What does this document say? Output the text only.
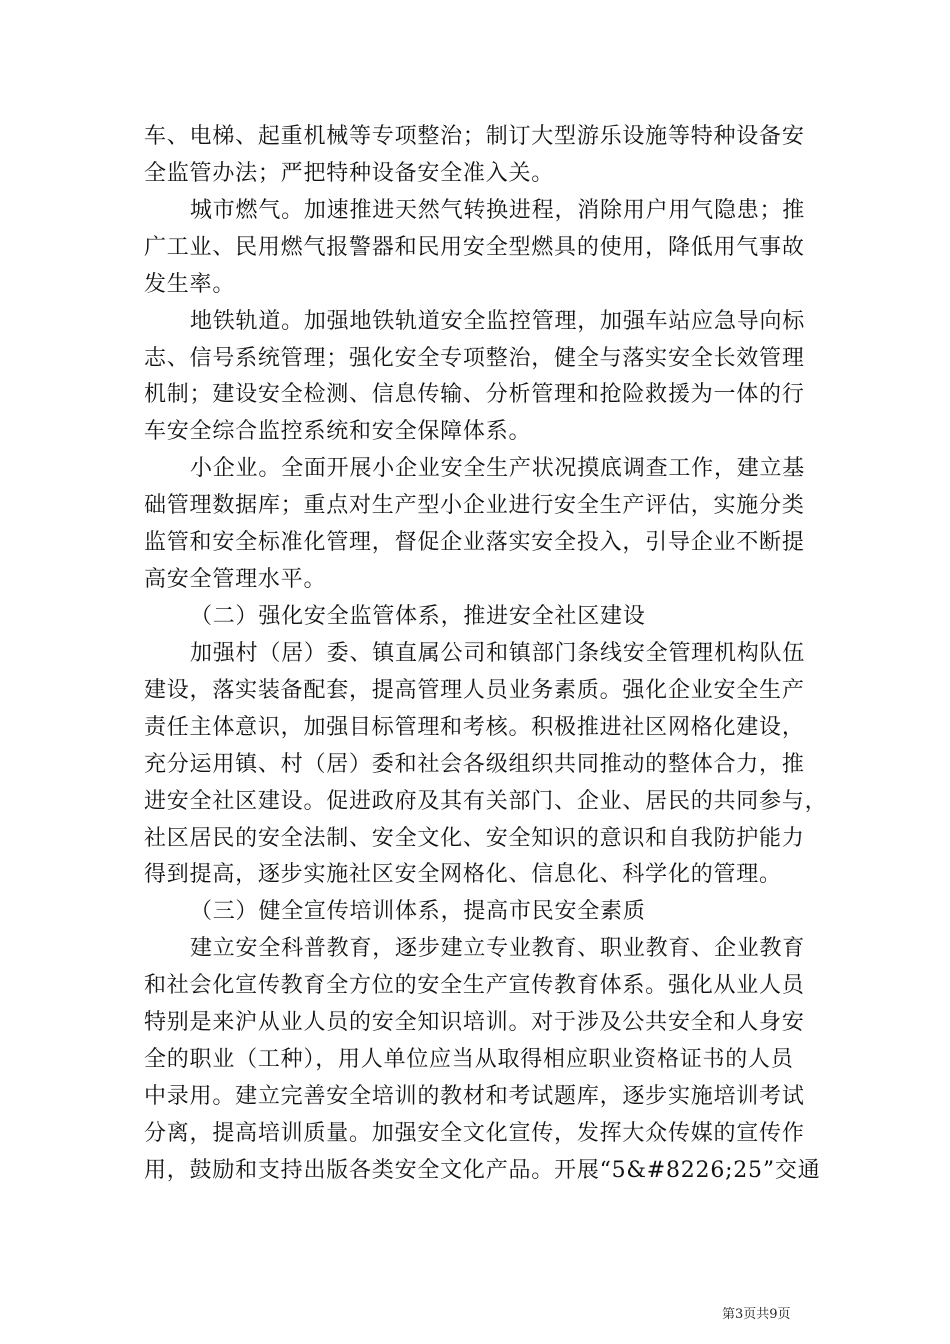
车、电梯、起重机械等专项整治；制订大型游乐设施等特种设备安
全监管办法；严把特种设备安全准入关。
城市燃气。加速推进天然气转换进程，消除用户用气隐患；推
广工业、民用燃气报警器和民用安全型燃具的使用，降低用气事故
发生率。
地铁轨道。加强地铁轨道安全监控管理，加强车站应急导向标
志、信号系统管理；强化安全专项整治，健全与落实安全长效管理
机制；建设安全检测、信息传输、分析管理和抢险救援为一体的行
车安全综合监控系统和安全保障体系。
小企业。全面开展小企业安全生产状况摸底调查工作，建立基
础管理数据库；重点对生产型小企业进行安全生产评估，实施分类
监管和安全标准化管理，督促企业落实安全投入，引导企业不断提
高安全管理水平。
（二）强化安全监管体系，推进安全社区建设
加强村（居）委、镇直属公司和镇部门条线安全管理机构队伍
建设，落实装备配套，提高管理人员业务素质。强化企业安全生产
责任主体意识，加强目标管理和考核。积极推进社区网格化建设，
充分运用镇、村（居）委和社会各级组织共同推动的整体合力，推
进安全社区建设。促进政府及其有关部门、企业、居民的共同参与，
社区居民的安全法制、安全文化、安全知识的意识和自我防护能力
得到提高，逐步实施社区安全网格化、信息化、科学化的管理。
（三）健全宣传培训体系，提高市民安全素质
建立安全科普教育，逐步建立专业教育、职业教育、企业教育
和社会化宣传教育全方位的安全生产宣传教育体系。强化从业人员
特别是来沪从业人员的安全知识培训。对于涉及公共安全和人身安
全的职业（工种），用人单位应当从取得相应职业资格证书的人员
中录用。建立完善安全培训的教材和考试题库，逐步实施培训考试
分离，提高培训质量。加强安全文化宣传，发挥大众传媒的宣传作
用，鼓励和支持出版各类安全文化产品。开展“5&#8226;25”交通
第3页共9页
